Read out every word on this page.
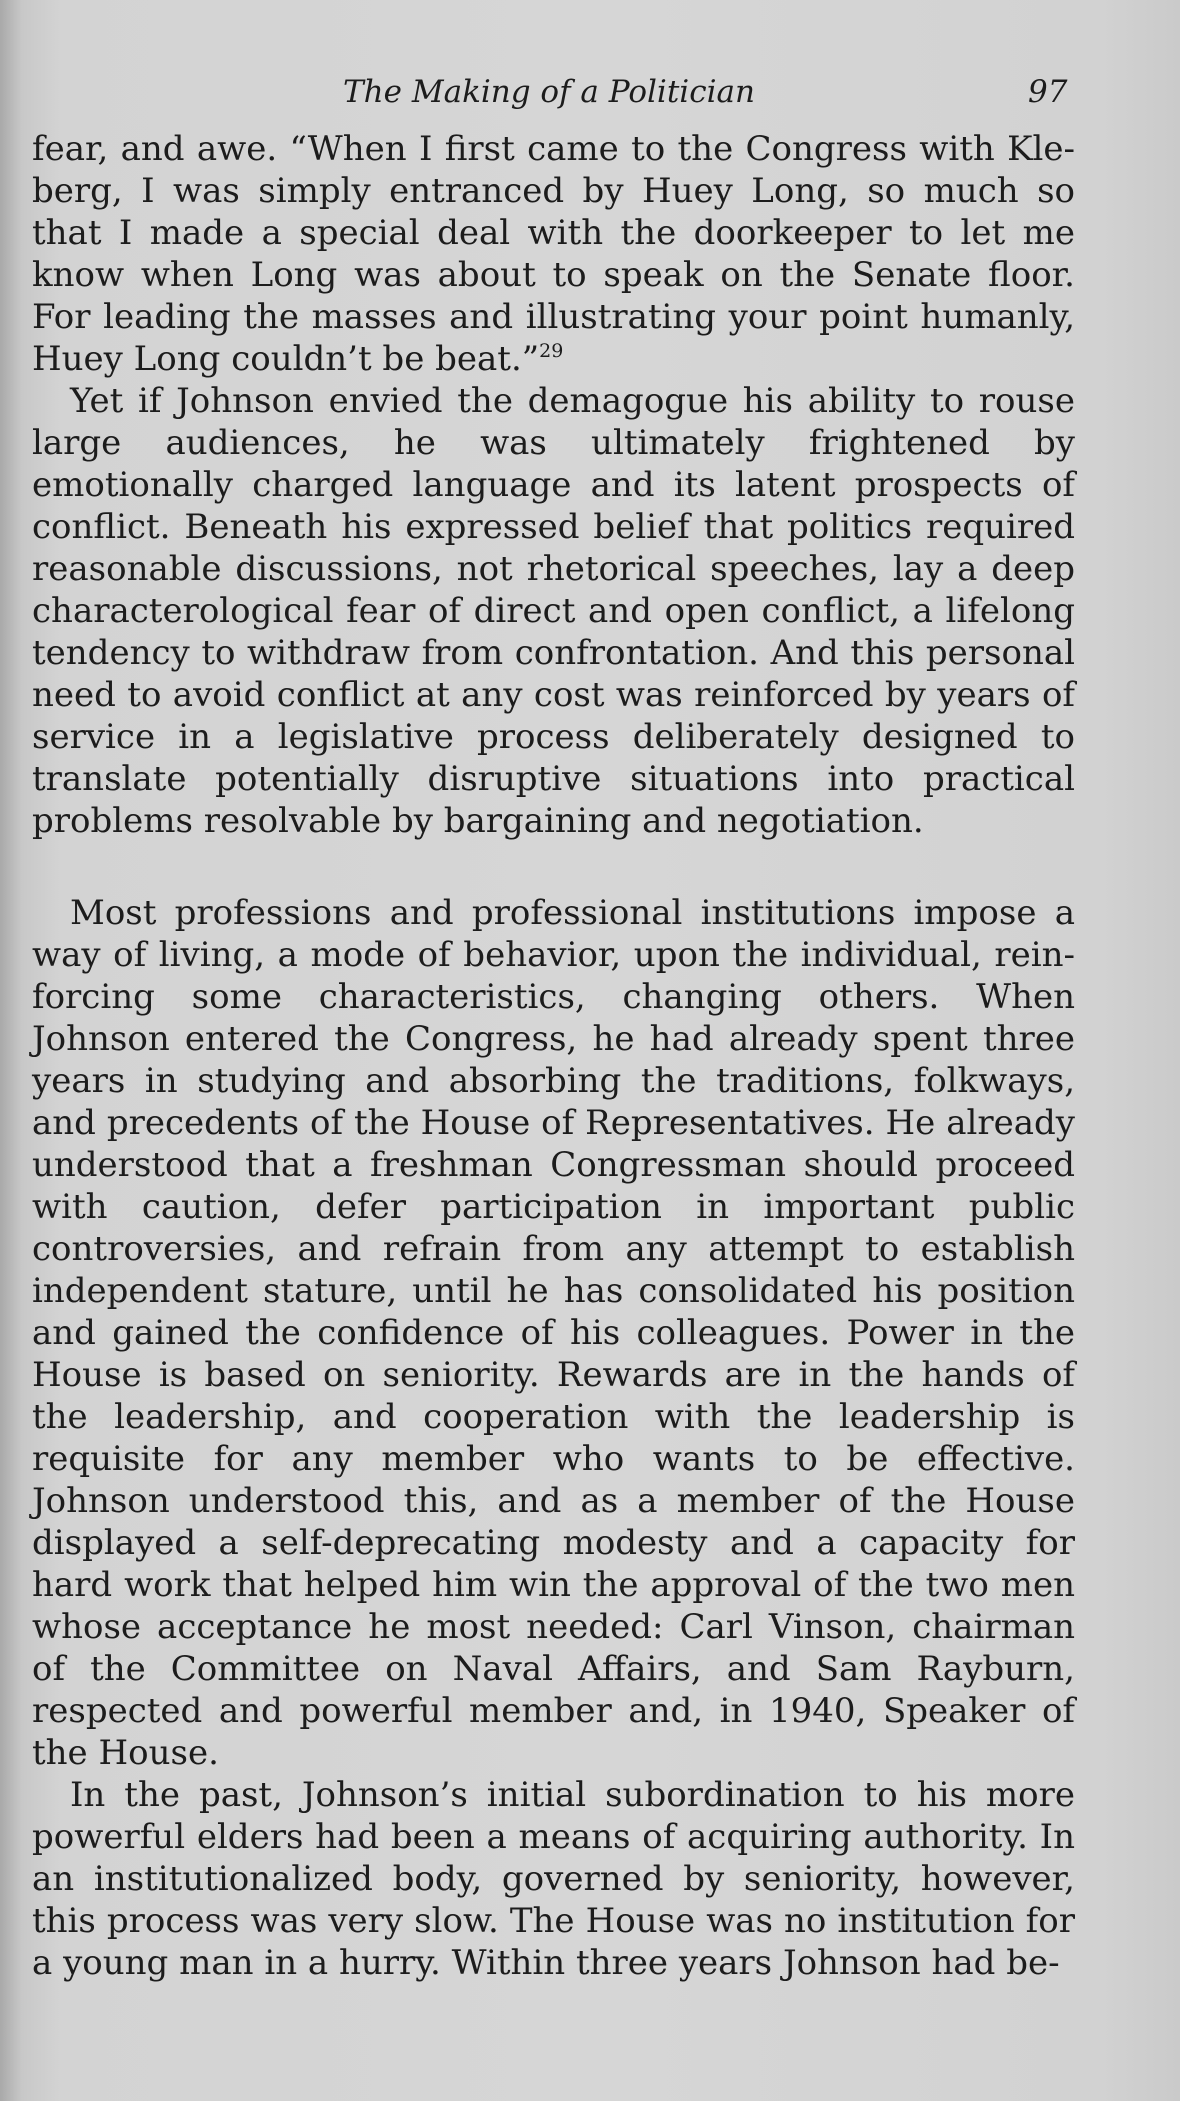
The Making of a Politician	97

fear, and awe. “When I first came to the Congress with Kleberg, I was simply entranced by Huey Long, so much so that I made a special deal with the doorkeeper to let me know when Long was about to speak on the Senate floor. For leading the masses and illustrating your point humanly, Huey Long couldn’t be beat.”$^{29}$

Yet if Johnson envied the demagogue his ability to rouse large audiences, he was ultimately frightened by emotionally charged language and its latent prospects of conflict. Beneath his expressed belief that politics required reasonable discussions, not rhetorical speeches, lay a deep characterological fear of direct and open conflict, a lifelong tendency to withdraw from confrontation. And this personal need to avoid conflict at any cost was reinforced by years of service in a legislative process deliberately designed to translate potentially disruptive situations into practical problems resolvable by bargaining and negotiation.

Most professions and professional institutions impose a way of living, a mode of behavior, upon the individual, reinforcing some characteristics, changing others. When Johnson entered the Congress, he had already spent three years in studying and absorbing the traditions, folkways, and precedents of the House of Representatives. He already understood that a freshman Congressman should proceed with caution, defer participation in important public controversies, and refrain from any attempt to establish independent stature, until he has consolidated his position and gained the confidence of his colleagues. Power in the House is based on seniority. Rewards are in the hands of the leadership, and cooperation with the leadership is requisite for any member who wants to be effective. Johnson understood this, and as a member of the House displayed a self-deprecating modesty and a capacity for hard work that helped him win the approval of the two men whose acceptance he most needed: Carl Vinson, chairman of the Committee on Naval Affairs, and Sam Rayburn, respected and powerful member and, in 1940, Speaker of the House.

In the past, Johnson’s initial subordination to his more powerful elders had been a means of acquiring authority. In an institutionalized body, governed by seniority, however, this process was very slow. The House was no institution for a young man in a hurry. Within three years Johnson had be-
